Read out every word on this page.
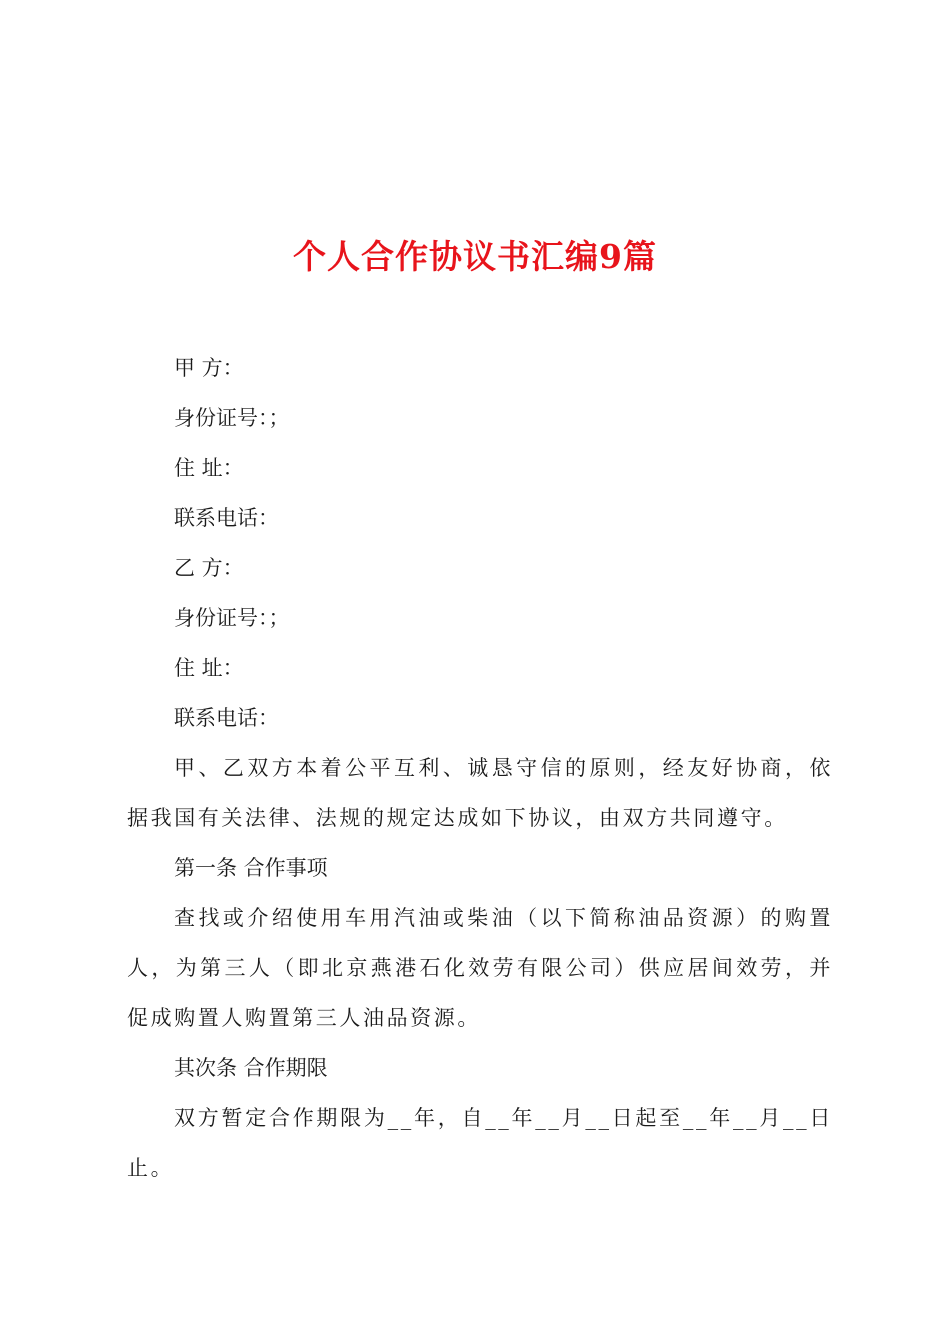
个人合作协议书汇编9篇

甲 方：

身份证号：；

住 址：

联系电话：

乙 方：

身份证号：；

住 址：

联系电话：

甲、乙双方本着公平互利、诚恳守信的原则，经友好协商，依据我国有关法律、法规的规定达成如下协议，由双方共同遵守。

第一条 合作事项

查找或介绍使用车用汽油或柴油（以下简称油品资源）的购置人，为第三人（即北京燕港石化效劳有限公司）供应居间效劳，并促成购置人购置第三人油品资源。

其次条 合作期限

双方暂定合作期限为__年，自__年__月__日起至__年__月__日止。
